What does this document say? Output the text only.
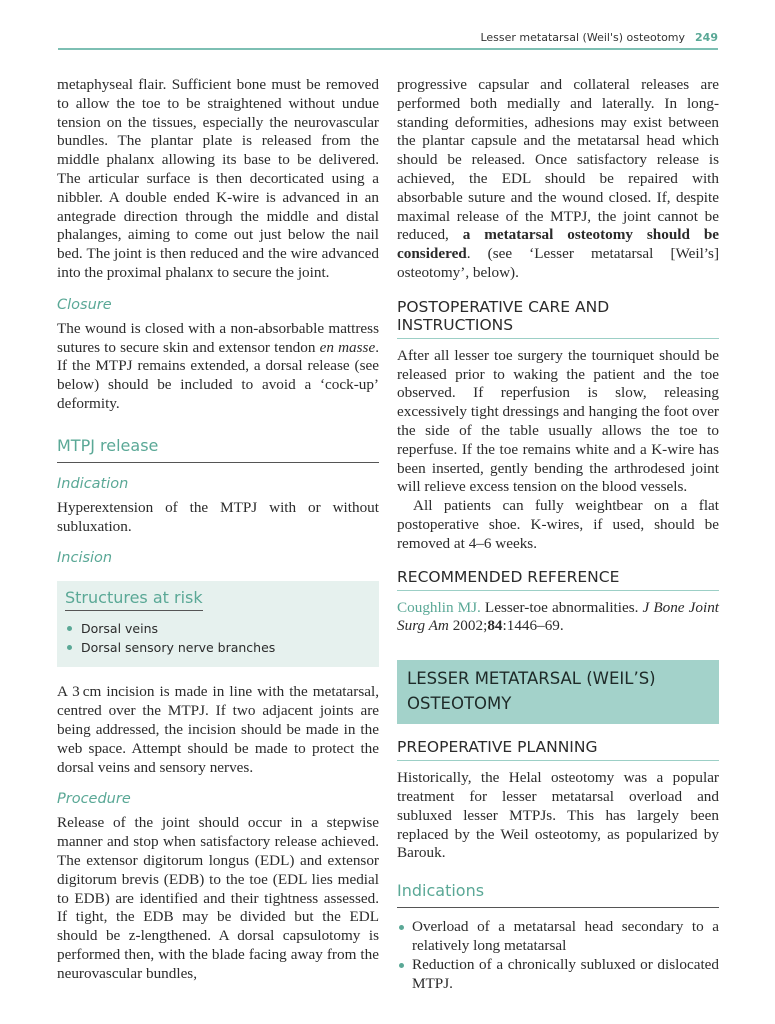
Lesser metatarsal (Weil's) osteotomy 249

metaphyseal flair. Sufficient bone must be removed to allow the toe to be straightened without undue tension on the tissues, especially the neurovascular bundles. The plantar plate is released from the middle phalanx allowing its base to be delivered. The articular surface is then decorticated using a nibbler. A double ended K-wire is advanced in an antegrade direction through the middle and distal phalanges, aiming to come out just below the nail bed. The joint is then reduced and the wire advanced into the proximal phalanx to secure the joint.

Closure

The wound is closed with a non-absorbable mattress sutures to secure skin and extensor tendon en masse. If the MTPJ remains extended, a dorsal release (see below) should be included to avoid a ‘cock-up’ deformity.

MTPJ release

Indication

Hyperextension of the MTPJ with or without subluxation.

Incision

Structures at risk
Dorsal veins
Dorsal sensory nerve branches

A 3 cm incision is made in line with the metatarsal, centred over the MTPJ. If two adjacent joints are being addressed, the incision should be made in the web space. Attempt should be made to protect the dorsal veins and sensory nerves.

Procedure

Release of the joint should occur in a stepwise manner and stop when satisfactory release achieved. The extensor digitorum longus (EDL) and extensor digitorum brevis (EDB) to the toe (EDL lies medial to EDB) are identified and their tightness assessed. If tight, the EDB may be divided but the EDL should be z-lengthened. A dorsal capsulotomy is performed then, with the blade facing away from the neurovascular bundles,

progressive capsular and collateral releases are performed both medially and laterally. In long-standing deformities, adhesions may exist between the plantar capsule and the metatarsal head which should be released. Once satisfactory release is achieved, the EDL should be repaired with absorbable suture and the wound closed. If, despite maximal release of the MTPJ, the joint cannot be reduced, a metatarsal osteotomy should be considered. (see ‘Lesser metatarsal [Weil’s] osteotomy’, below).

POSTOPERATIVE CARE AND INSTRUCTIONS

After all lesser toe surgery the tourniquet should be released prior to waking the patient and the toe observed. If reperfusion is slow, releasing excessively tight dressings and hanging the foot over the side of the table usually allows the toe to reperfuse. If the toe remains white and a K-wire has been inserted, gently bending the arthrodesed joint will relieve excess tension on the blood vessels.

All patients can fully weightbear on a flat postoperative shoe. K-wires, if used, should be removed at 4–6 weeks.

RECOMMENDED REFERENCE

Coughlin MJ. Lesser-toe abnormalities. J Bone Joint Surg Am 2002;84:1446–69.

LESSER METATARSAL (WEIL’S) OSTEOTOMY

PREOPERATIVE PLANNING

Historically, the Helal osteotomy was a popular treatment for lesser metatarsal overload and subluxed lesser MTPJs. This has largely been replaced by the Weil osteotomy, as popularized by Barouk.

Indications

Overload of a metatarsal head secondary to a relatively long metatarsal
Reduction of a chronically subluxed or dislocated MTPJ.
